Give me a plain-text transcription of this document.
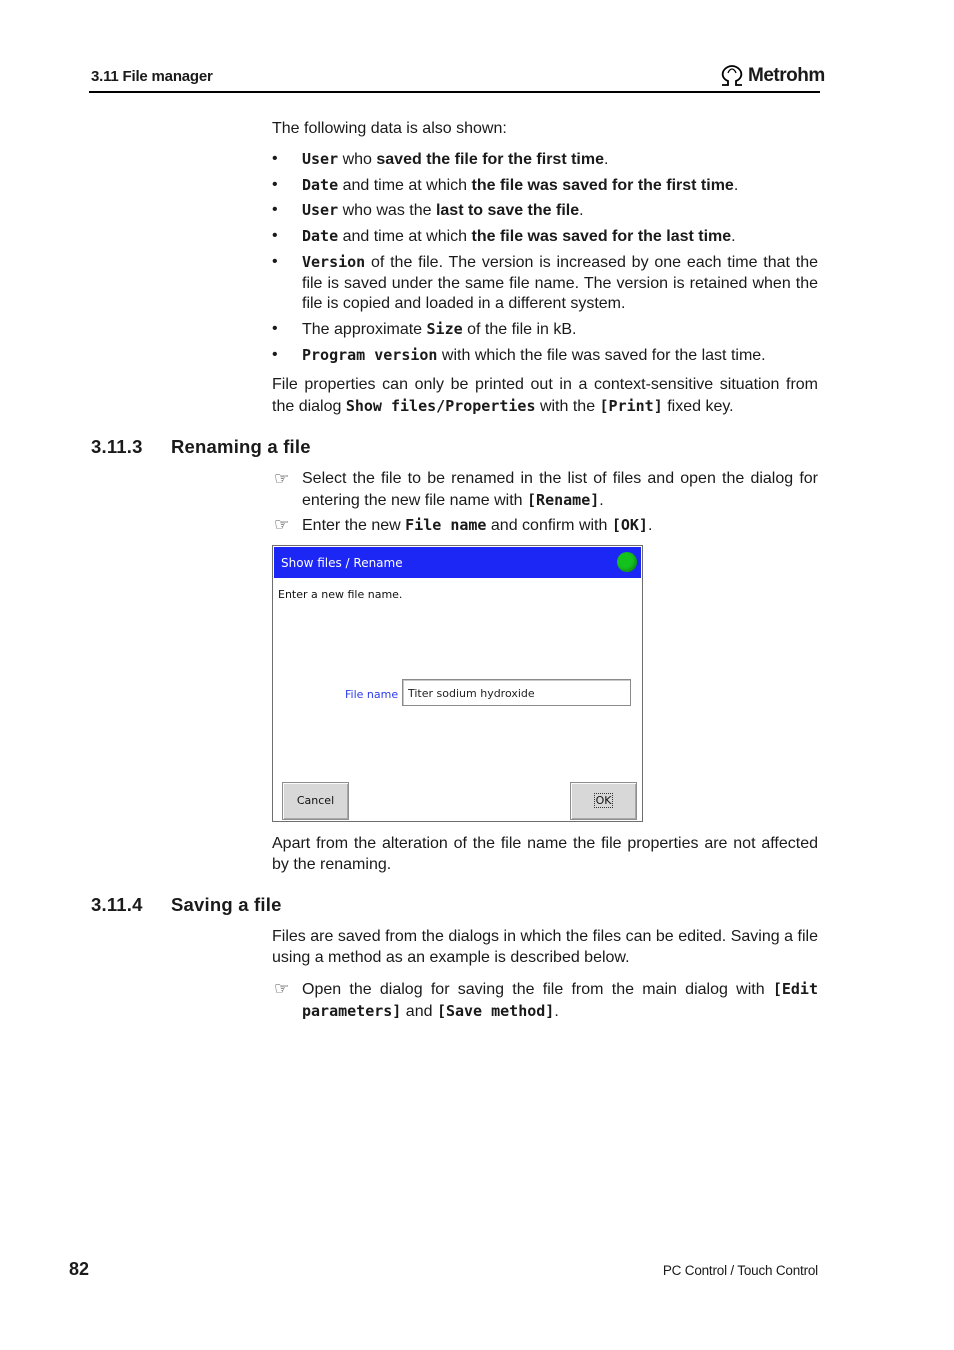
3.11 File manager	Metrohm
The following data is also shown:
•	User who saved the file for the first time.
•	Date and time at which the file was saved for the first time.
•	User who was the last to save the file.
•	Date and time at which the file was saved for the last time.
•	Version of the file. The version is increased by one each time that the file is saved under the same file name. The version is retained when the file is copied and loaded in a different system.
•	The approximate Size of the file in kB.
•	Program version with which the file was saved for the last time.
File properties can only be printed out in a context-sensitive situation from the dialog Show files/Properties with the [Print] fixed key.
3.11.3 Renaming a file
☞ Select the file to be renamed in the list of files and open the dialog for entering the new file name with [Rename].
☞ Enter the new File name and confirm with [OK].
Show files / Rename
Enter a new file name.
File name Titer sodium hydroxide
Cancel	OK
Apart from the alteration of the file name the file properties are not affected by the renaming.
3.11.4 Saving a file
Files are saved from the dialogs in which the files can be edited. Saving a file using a method as an example is described below.
☞ Open the dialog for saving the file from the main dialog with [Edit parameters] and [Save method].
82	PC Control / Touch Control
